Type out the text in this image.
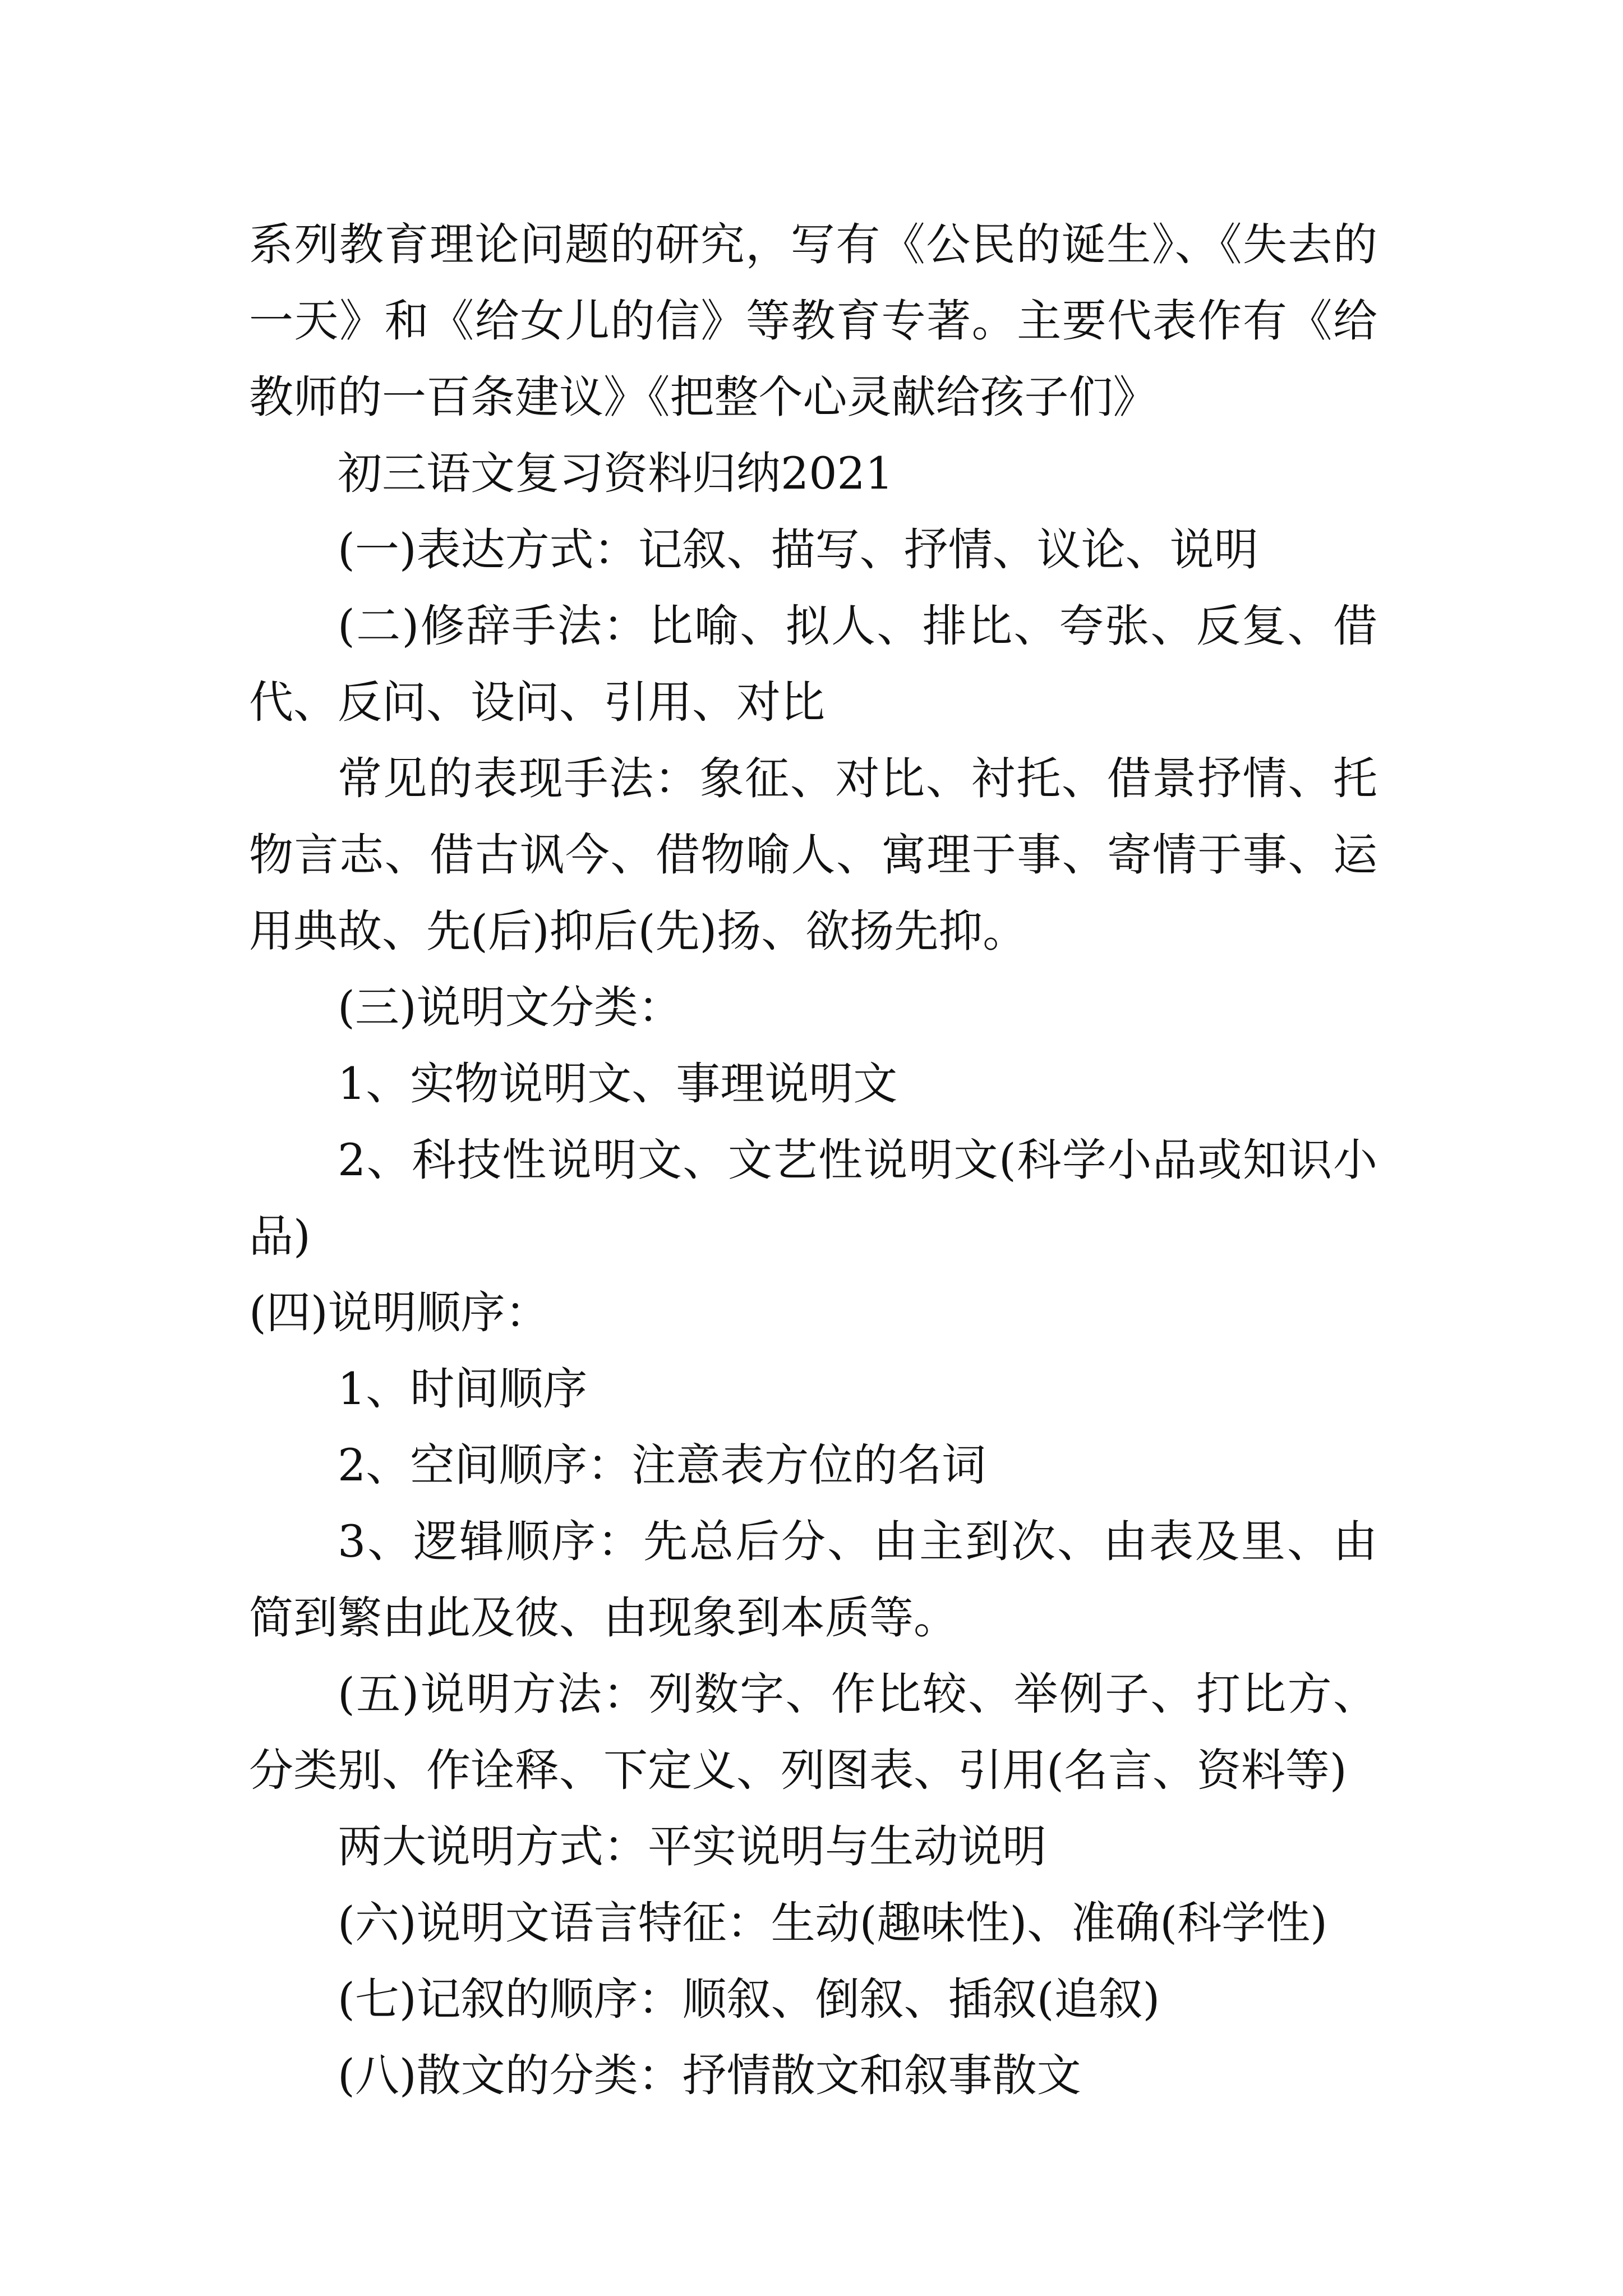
系列教育理论问题的研究，写有《公民的诞生》、《失去的一天》和《给女儿的信》等教育专著。主要代表作有《给教师的一百条建议》《把整个心灵献给孩子们》

初三语文复习资料归纳2021

(一)表达方式：记叙、描写、抒情、议论、说明

(二)修辞手法：比喻、拟人、排比、夸张、反复、借代、反问、设问、引用、对比

常见的表现手法：象征、对比、衬托、借景抒情、托物言志、借古讽今、借物喻人、寓理于事、寄情于事、运用典故、先(后)抑后(先)扬、欲扬先抑。

(三)说明文分类：

1、实物说明文、事理说明文

2、科技性说明文、文艺性说明文(科学小品或知识小品)

(四)说明顺序：

1、时间顺序

2、空间顺序：注意表方位的名词

3、逻辑顺序：先总后分、由主到次、由表及里、由简到繁由此及彼、由现象到本质等。

(五)说明方法：列数字、作比较、举例子、打比方、分类别、作诠释、下定义、列图表、引用(名言、资料等)

两大说明方式：平实说明与生动说明

(六)说明文语言特征：生动(趣味性)、准确(科学性)

(七)记叙的顺序：顺叙、倒叙、插叙(追叙)

(八)散文的分类：抒情散文和叙事散文
